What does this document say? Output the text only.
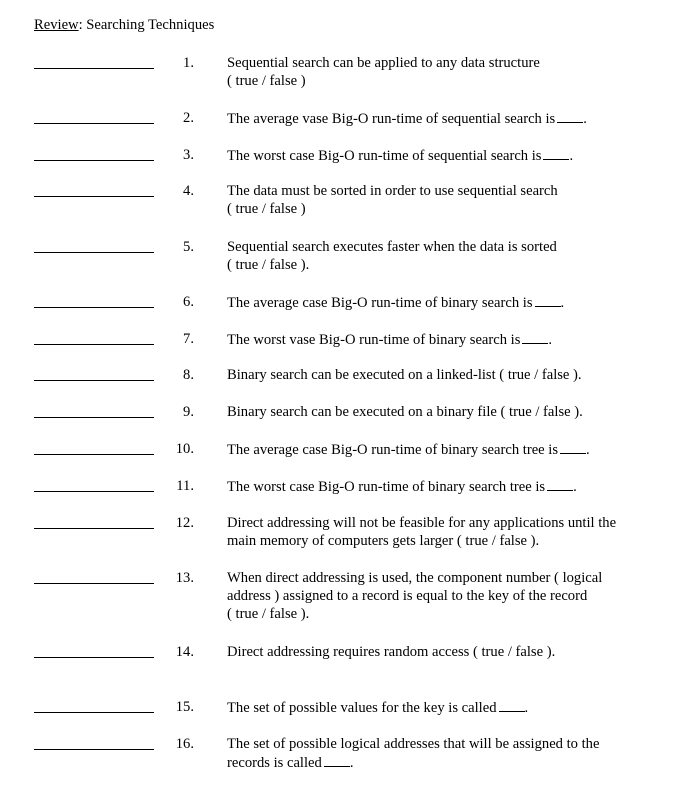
Review: Searching Techniques
1. Sequential search can be applied to any data structure
( true / false )
2. The average vase Big-O run-time of sequential search is .
3. The worst case Big-O run-time of sequential search is .
4. The data must be sorted in order to use sequential search
( true / false )
5. Sequential search executes faster when the data is sorted
( true / false ).
6. The average case Big-O run-time of binary search is .
7. The worst vase Big-O run-time of binary search is .
8. Binary search can be executed on a linked-list ( true / false ).
9. Binary search can be executed on a binary file ( true / false ).
10. The average case Big-O run-time of binary search tree is .
11. The worst case Big-O run-time of binary search tree is .
12. Direct addressing will not be feasible for any applications until the
main memory of computers gets larger ( true / false ).
13. When direct addressing is used, the component number ( logical
address ) assigned to a record is equal to the key of the record
( true / false ).
14. Direct addressing requires random access ( true / false ).
15. The set of possible values for the key is called .
16. The set of possible logical addresses that will be assigned to the
records is called .
